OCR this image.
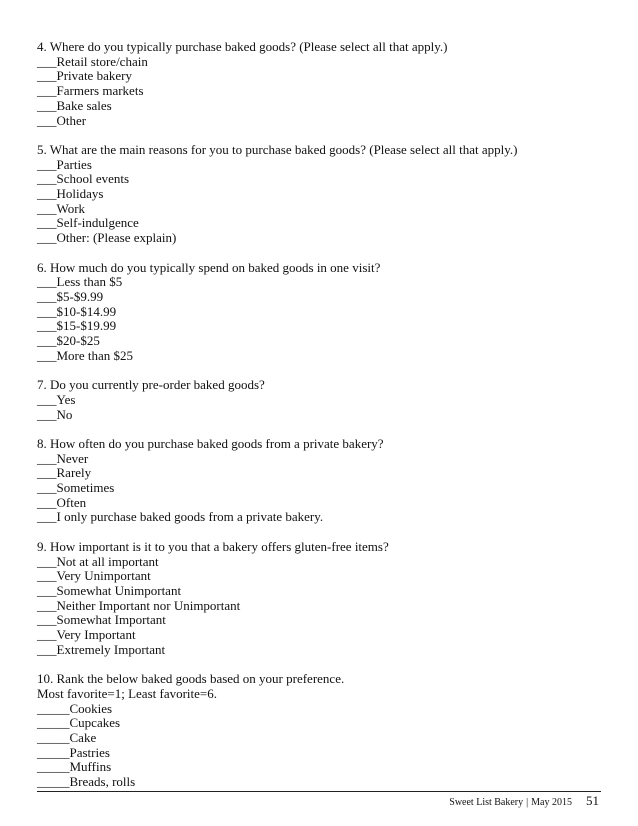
4. Where do you typically purchase baked goods? (Please select all that apply.)
___Retail store/chain
___Private bakery
___Farmers markets
___Bake sales
___Other
5. What are the main reasons for you to purchase baked goods? (Please select all that apply.)
___Parties
___School events
___Holidays
___Work
___Self-indulgence
___Other: (Please explain)
6. How much do you typically spend on baked goods in one visit?
___Less than $5
___$5-$9.99
___$10-$14.99
___$15-$19.99
___$20-$25
___More than $25
7. Do you currently pre-order baked goods?
___Yes
___No
8. How often do you purchase baked goods from a private bakery?
___Never
___Rarely
___Sometimes
___Often
___I only purchase baked goods from a private bakery.
9. How important is it to you that a bakery offers gluten-free items?
___Not at all important
___Very Unimportant
___Somewhat Unimportant
___Neither Important nor Unimportant
___Somewhat Important
___Very Important
___Extremely Important
10. Rank the below baked goods based on your preference.
Most favorite=1; Least favorite=6.
_____Cookies
_____Cupcakes
_____Cake
_____Pastries
_____Muffins
_____Breads, rolls
Sweet List Bakery | May 2015 51
